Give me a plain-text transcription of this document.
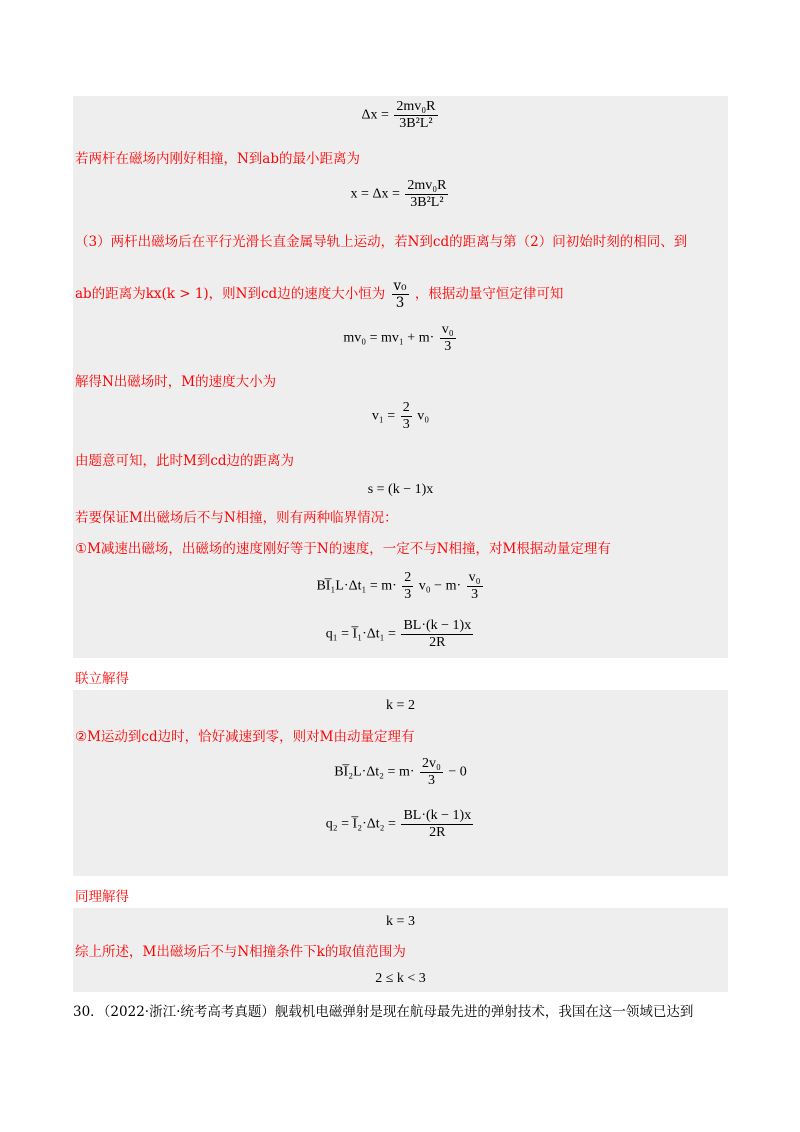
$\Delta x = \frac{\text{2mv₀R}}{\text{3B²L²}}$
若两杆在磁场内刚好相撞，N到ab的最小距离为
$x = \Delta x = \frac{\text{2mv₀R}}{\text{3B²L²}}$
（3）两杆出磁场后在平行光滑长直金属导轨上运动，若N到cd的距离与第（2）问初始时刻的相同、到
ab的距离为kx(k > 1)，则N到cd边的速度大小恒为 $\frac{\text{v₀}}{3}$ ，根据动量守恒定律可知
$mv_0 = mv_1 + m\cdot \frac{\text{v₀}}{3}$
解得N出磁场时，M的速度大小为
$v_1 = \frac{2}{3} v_0$
由题意可知，此时M到cd边的距离为
s = (k − 1)x
若要保证M出磁场后不与N相撞，则有两种临界情况：
①M减速出磁场，出磁场的速度刚好等于N的速度，一定不与N相撞，对M根据动量定理有
BI̅₁L·Δt₁ = $m\cdot \frac{2}{3} v_0 - m\cdot \frac{\text{v₀}}{3}$
q₁ = I̅₁·Δt₁ = $\frac{BL\cdot(k - 1)x}{2R}$
联立解得
k = 2
②M运动到cd边时，恰好减速到零，则对M由动量定理有
BI̅₂L·Δt₂ = $m\cdot \frac{\text{2v₀}}{3} - 0$
q₂ = I̅₂·Δt₂ = $\frac{BL\cdot(k - 1)x}{2R}$
同理解得
k = 3
综上所述，M出磁场后不与N相撞条件下k的取值范围为
2 ≤ k < 3
30．（2022·浙江·统考高考真题）舰载机电磁弹射是现在航母最先进的弹射技术，我国在这一领域已达到
